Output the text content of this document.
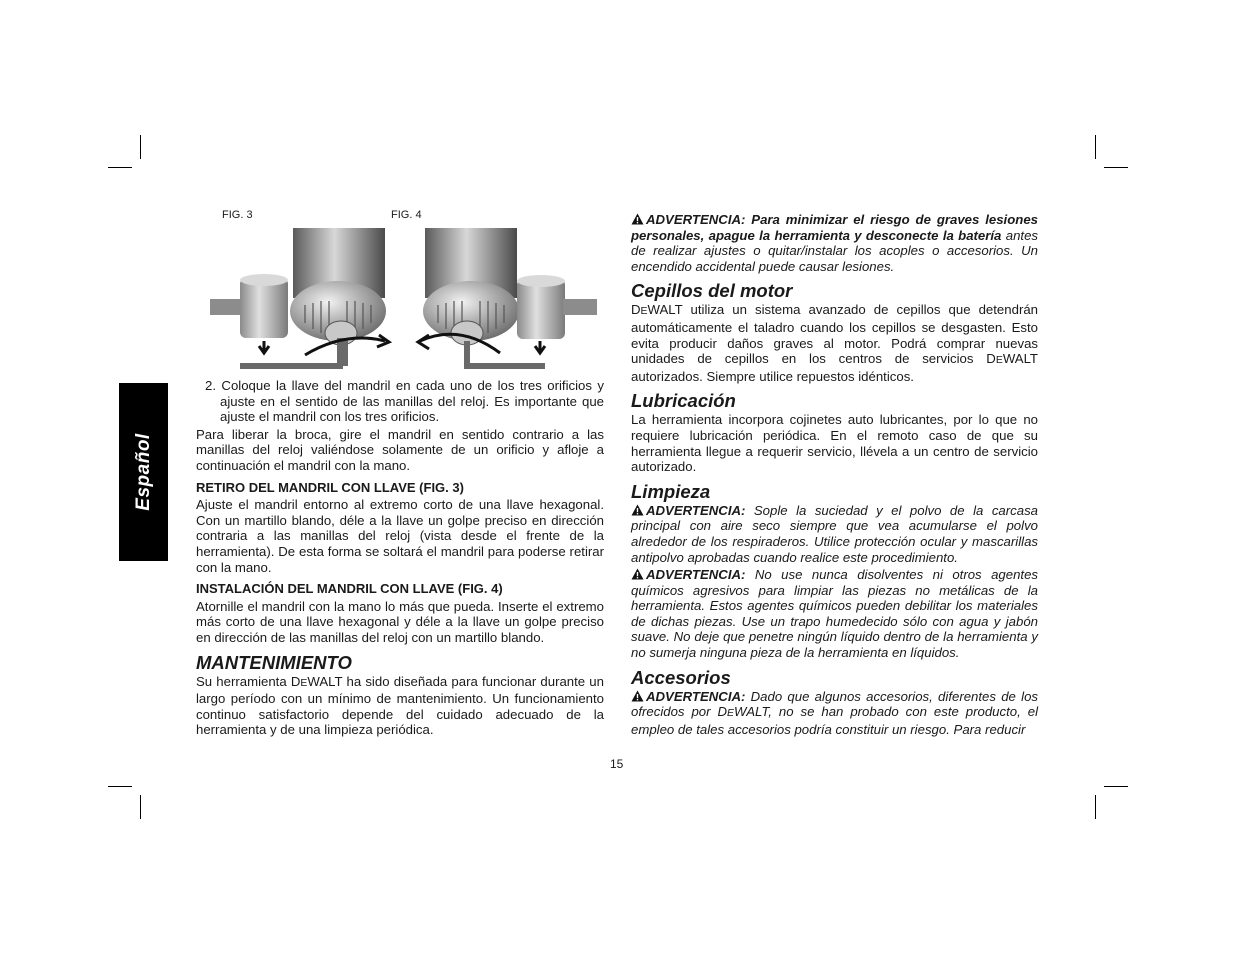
Español
FIG. 3	FIG. 4

2. Coloque la llave del mandril en cada uno de los tres orificios y ajuste en el sentido de las manillas del reloj. Es importante que ajuste el mandril con los tres orificios.

Para liberar la broca, gire el mandril en sentido contrario a las manillas del reloj valiéndose solamente de un orificio y afloje a continuación el mandril con la mano.

RETIRO DEL MANDRIL CON LLAVE (FIG. 3)

Ajuste el mandril entorno al extremo corto de una llave hexagonal. Con un martillo blando, déle a la llave un golpe preciso en dirección contraria a las manillas del reloj (vista desde el frente de la herramienta). De esta forma se soltará el mandril para poderse retirar con la mano.

INSTALACIÓN DEL MANDRIL CON LLAVE (FIG. 4)

Atornille el mandril con la mano lo más que pueda. Inserte el extremo más corto de una llave hexagonal y déle a la llave un golpe preciso en dirección de las manillas del reloj con un martillo blando.

MANTENIMIENTO

Su herramienta DEWALT ha sido diseñada para funcionar durante un largo período con un mínimo de mantenimiento. Un funcionamiento continuo satisfactorio depende del cuidado adecuado de la herramienta y de una limpieza periódica.

ADVERTENCIA: Para minimizar el riesgo de graves lesiones personales, apague la herramienta y desconecte la batería antes de realizar ajustes o quitar/instalar los acoples o accesorios. Un encendido accidental puede causar lesiones.

Cepillos del motor

DEWALT utiliza un sistema avanzado de cepillos que detendrán automáticamente el taladro cuando los cepillos se desgasten. Esto evita producir daños graves al motor. Podrá comprar nuevas unidades de cepillos en los centros de servicios DEWALT autorizados. Siempre utilice repuestos idénticos.

Lubricación

La herramienta incorpora cojinetes auto lubricantes, por lo que no requiere lubricación periódica. En el remoto caso de que su herramienta llegue a requerir servicio, llévela a un centro de servicio autorizado.

Limpieza

ADVERTENCIA: Sople la suciedad y el polvo de la carcasa principal con aire seco siempre que vea acumularse el polvo alrededor de los respiraderos. Utilice protección ocular y mascarillas antipolvo aprobadas cuando realice este procedimiento.

ADVERTENCIA: No use nunca disolventes ni otros agentes químicos agresivos para limpiar las piezas no metálicas de la herramienta. Estos agentes químicos pueden debilitar los materiales de dichas piezas. Use un trapo humedecido sólo con agua y jabón suave. No deje que penetre ningún líquido dentro de la herramienta y no sumerja ninguna pieza de la herramienta en líquidos.

Accesorios

ADVERTENCIA: Dado que algunos accesorios, diferentes de los ofrecidos por DEWALT, no se han probado con este producto, el empleo de tales accesorios podría constituir un riesgo. Para reducir

15
